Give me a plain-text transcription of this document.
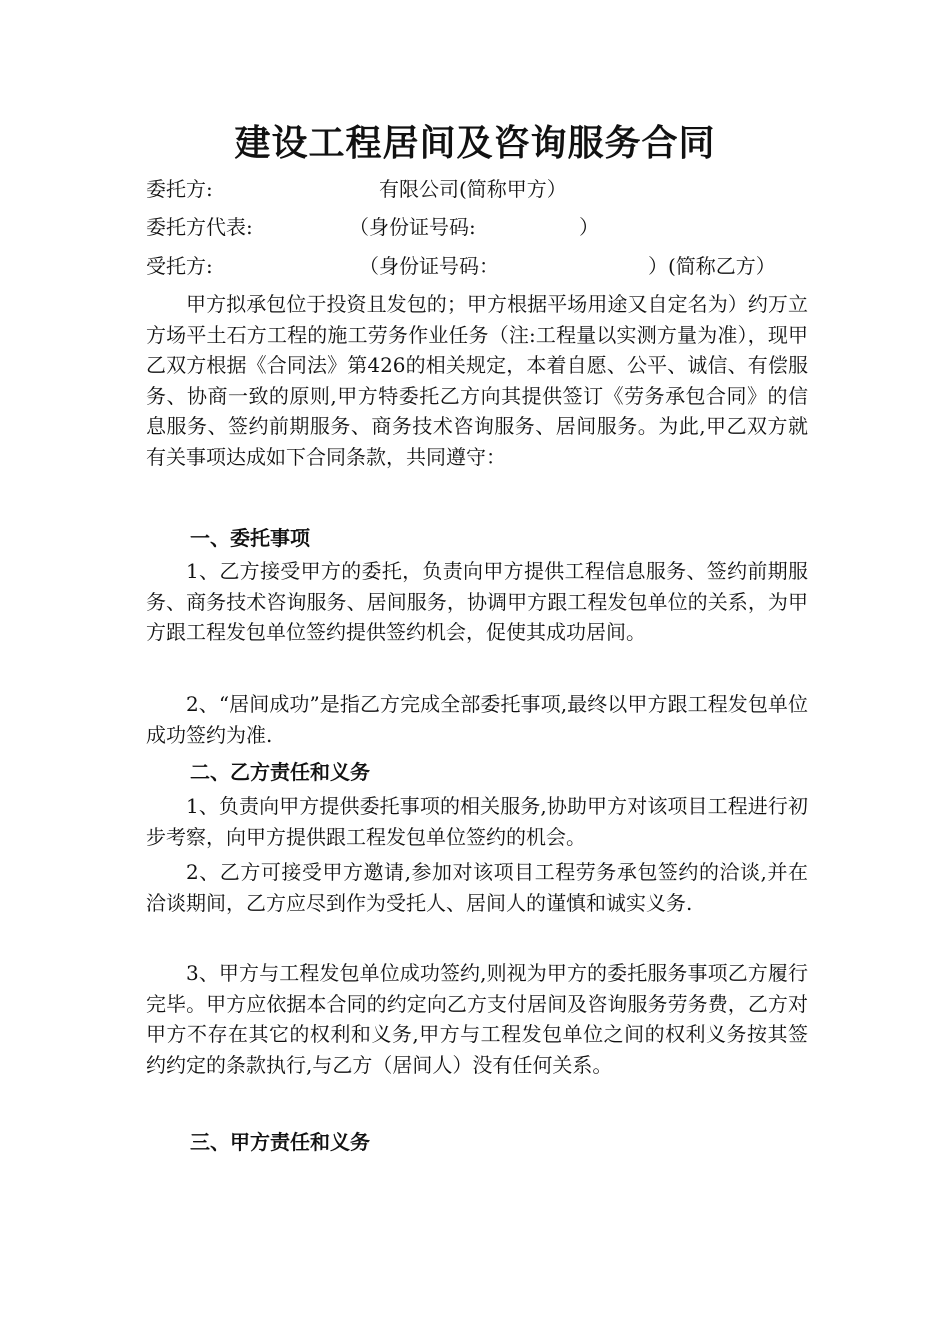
建设工程居间及咨询服务合同
委托方:	有限公司(简称甲方）
委托方代表:	（身份证号码:	）
受托方:	（身份证号码：	）(简称乙方）

甲方拟承包位于投资且发包的；甲方根据平场用途又自定名为）约万立方场平土石方工程的施工劳务作业任务（注:工程量以实测方量为准），现甲乙双方根据《合同法》第426的相关规定，本着自愿、公平、诚信、有偿服务、协商一致的原则,甲方特委托乙方向其提供签订《劳务承包合同》的信息服务、签约前期服务、商务技术咨询服务、居间服务。为此,甲乙双方就有关事项达成如下合同条款，共同遵守：

一、委托事项

1、乙方接受甲方的委托，负责向甲方提供工程信息服务、签约前期服务、商务技术咨询服务、居间服务，协调甲方跟工程发包单位的关系，为甲方跟工程发包单位签约提供签约机会，促使其成功居间。

2、“居间成功”是指乙方完成全部委托事项,最终以甲方跟工程发包单位成功签约为准.

二、乙方责任和义务

1、负责向甲方提供委托事项的相关服务,协助甲方对该项目工程进行初步考察，向甲方提供跟工程发包单位签约的机会。

2、乙方可接受甲方邀请,参加对该项目工程劳务承包签约的洽谈,并在洽谈期间，乙方应尽到作为受托人、居间人的谨慎和诚实义务.

3、甲方与工程发包单位成功签约,则视为甲方的委托服务事项乙方履行完毕。甲方应依据本合同的约定向乙方支付居间及咨询服务劳务费，乙方对甲方不存在其它的权利和义务,甲方与工程发包单位之间的权利义务按其签约约定的条款执行,与乙方（居间人）没有任何关系。

三、甲方责任和义务
